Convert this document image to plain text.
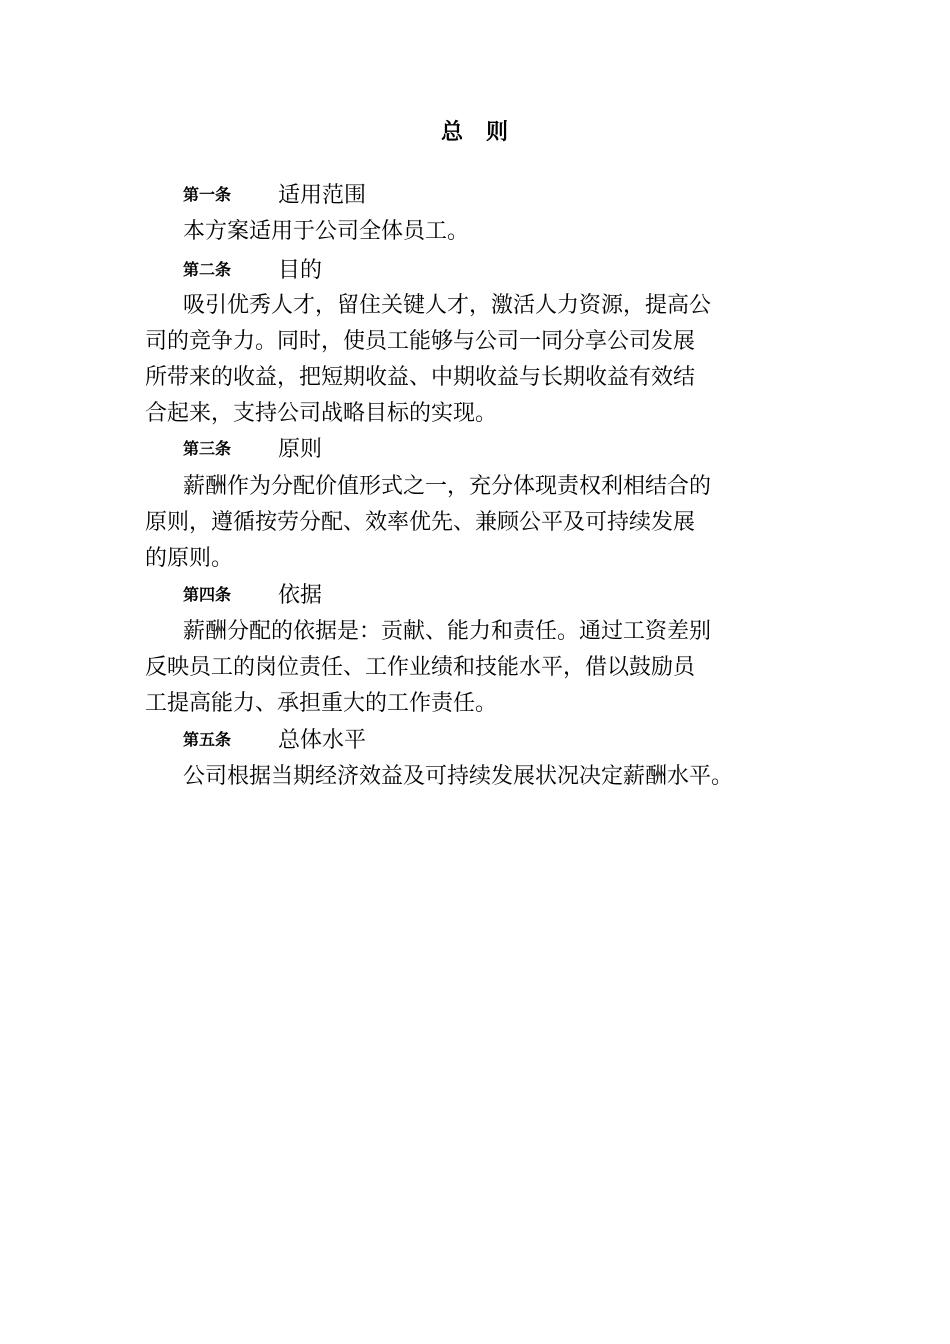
总 则
第一条	适用范围
本方案适用于公司全体员工。
第二条	目的
吸引优秀人才，留住关键人才，激活人力资源，提高公
司的竞争力。同时，使员工能够与公司一同分享公司发展
所带来的收益，把短期收益、中期收益与长期收益有效结
合起来，支持公司战略目标的实现。
第三条	原则
薪酬作为分配价值形式之一，充分体现责权利相结合的
原则，遵循按劳分配、效率优先、兼顾公平及可持续发展
的原则。
第四条	依据
薪酬分配的依据是：贡献、能力和责任。通过工资差别
反映员工的岗位责任、工作业绩和技能水平，借以鼓励员
工提高能力、承担重大的工作责任。
第五条	总体水平
公司根据当期经济效益及可持续发展状况决定薪酬水平。
